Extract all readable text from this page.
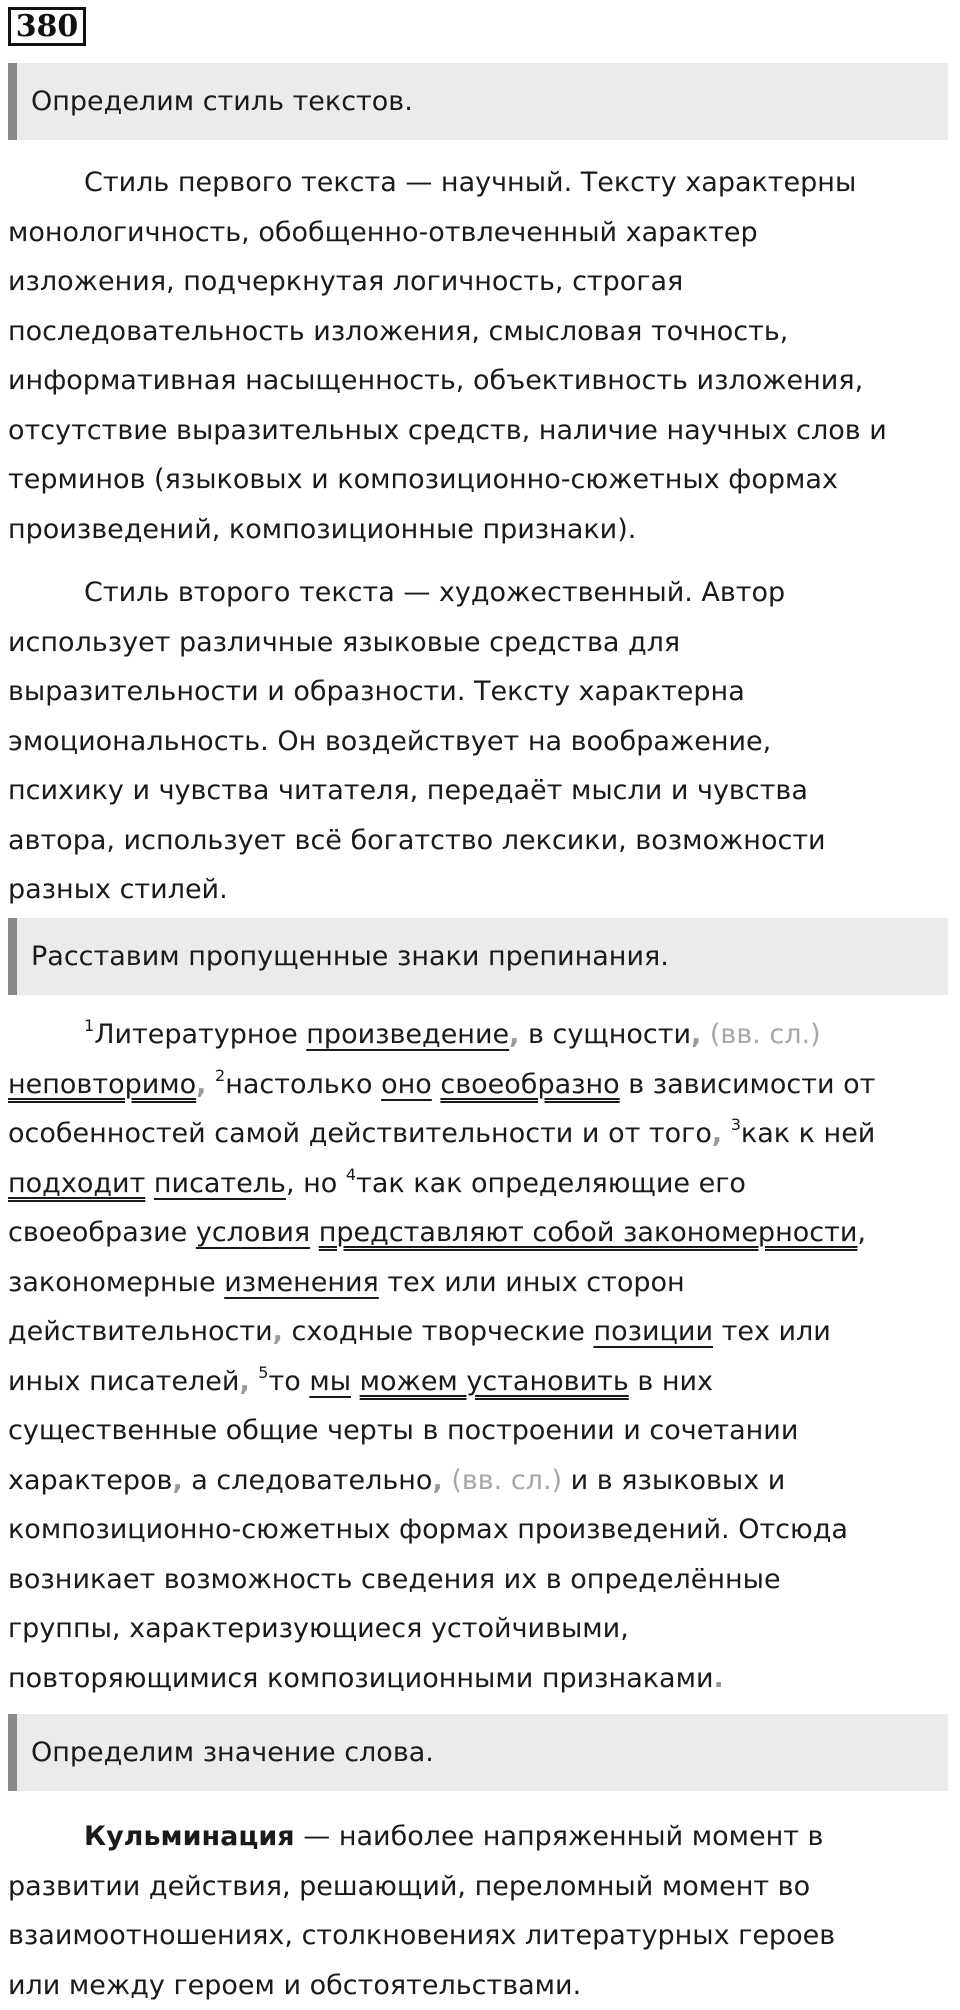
380
Определим стиль текстов.
Стиль первого текста — научный. Тексту характерны
монологичность, обобщенно-отвлеченный характер
изложения, подчеркнутая логичность, строгая
последовательность изложения, смысловая точность,
информативная насыщенность, объективность изложения,
отсутствие выразительных средств, наличие научных слов и
терминов (языковых и композиционно-сюжетных формах
произведений, композиционные признаки).
Стиль второго текста — художественный. Автор
использует различные языковые средства для
выразительности и образности. Тексту характерна
эмоциональность. Он воздействует на воображение,
психику и чувства читателя, передаёт мысли и чувства
автора, использует всё богатство лексики, возможности
разных стилей.
Расставим пропущенные знаки препинания.
$^1$Литературное произведение, в сущности, (вв. сл.)
неповторимо, $^2$настолько оно своеобразно в зависимости от
особенностей самой действительности и от того, $^3$как к ней
подходит писатель, но $^4$так как определяющие его
своеобразие условия представляют собой закономерности,
закономерные изменения тех или иных сторон
действительности, сходные творческие позиции тех или
иных писателей, $^5$то мы можем установить в них
существенные общие черты в построении и сочетании
характеров, а следовательно, (вв. сл.) и в языковых и
композиционно-сюжетных формах произведений. Отсюда
возникает возможность сведения их в определённые
группы, характеризующиеся устойчивыми,
повторяющимися композиционными признаками.
Определим значение слова.
Кульминация — наиболее напряженный момент в
развитии действия, решающий, переломный момент во
взаимоотношениях, столкновениях литературных героев
или между героем и обстоятельствами.
